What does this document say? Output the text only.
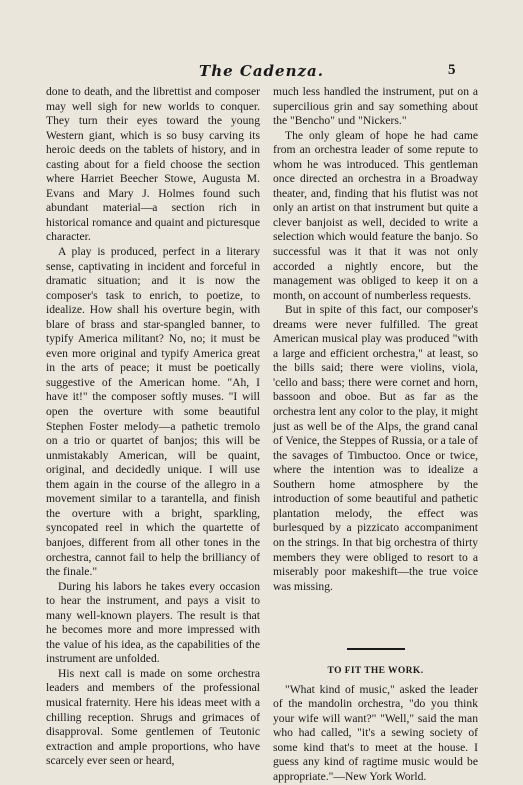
The Cadenza.	5

done to death, and the librettist and composer may well sigh for new worlds to conquer. They turn their eyes toward the young Western giant, which is so busy carving its heroic deeds on the tablets of history, and in casting about for a field choose the section where Harriet Beecher Stowe, Augusta M. Evans and Mary J. Holmes found such abundant material—a section rich in historical romance and quaint and picturesque character.

A play is produced, perfect in a literary sense, captivating in incident and forceful in dramatic situation; and it is now the composer's task to enrich, to poetize, to idealize. How shall his overture begin, with blare of brass and star-spangled banner, to typify America militant? No, no; it must be even more original and typify America great in the arts of peace; it must be poetically suggestive of the American home. "Ah, I have it!" the composer softly muses. "I will open the overture with some beautiful Stephen Foster melody—a pathetic tremolo on a trio or quartet of banjos; this will be unmistakably American, will be quaint, original, and decidedly unique. I will use them again in the course of the allegro in a movement similar to a tarantella, and finish the overture with a bright, sparkling, syncopated reel in which the quartette of banjoes, different from all other tones in the orchestra, cannot fail to help the brilliancy of the finale."

During his labors he takes every occasion to hear the instrument, and pays a visit to many well-known players. The result is that he becomes more and more impressed with the value of his idea, as the capabilities of the instrument are unfolded.

His next call is made on some orchestra leaders and members of the professional musical fraternity. Here his ideas meet with a chilling reception. Shrugs and grimaces of disapproval. Some gentlemen of Teutonic extraction and ample proportions, who have scarcely ever seen or heard,

much less handled the instrument, put on a supercilious grin and say something about the "Bencho" und "Nickers."

The only gleam of hope he had came from an orchestra leader of some repute to whom he was introduced. This gentleman once directed an orchestra in a Broadway theater, and, finding that his flutist was not only an artist on that instrument but quite a clever banjoist as well, decided to write a selection which would feature the banjo. So successful was it that it was not only accorded a nightly encore, but the management was obliged to keep it on a month, on account of numberless requests.

But in spite of this fact, our composer's dreams were never fulfilled. The great American musical play was produced "with a large and efficient orchestra," at least, so the bills said; there were violins, viola, 'cello and bass; there were cornet and horn, bassoon and oboe. But as far as the orchestra lent any color to the play, it might just as well be of the Alps, the grand canal of Venice, the Steppes of Russia, or a tale of the savages of Timbuctoo. Once or twice, where the intention was to idealize a Southern home atmosphere by the introduction of some beautiful and pathetic plantation melody, the effect was burlesqued by a pizzicato accompaniment on the strings. In that big orchestra of thirty members they were obliged to resort to a miserably poor makeshift—the true voice was missing.

TO FIT THE WORK.

"What kind of music," asked the leader of the mandolin orchestra, "do you think your wife will want?" "Well," said the man who had called, "it's a sewing society of some kind that's to meet at the house. I guess any kind of ragtime music would be appropriate."—New York World.
